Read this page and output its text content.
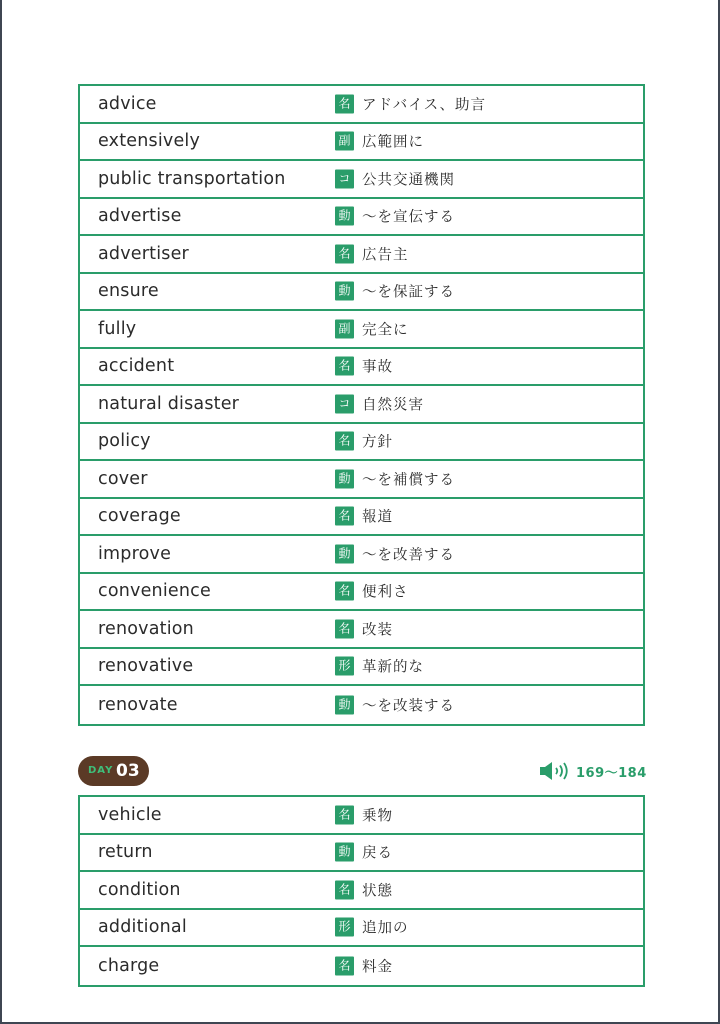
advice	名 アドバイス、助言
extensively	副 広範囲に
public transportation	コ 公共交通機関
advertise	動 ～を宣伝する
advertiser	名 広告主
ensure	動 ～を保証する
fully	副 完全に
accident	名 事故
natural disaster	コ 自然災害
policy	名 方針
cover	動 ～を補償する
coverage	名 報道
improve	動 ～を改善する
convenience	名 便利さ
renovation	名 改装
renovative	形 革新的な
renovate	動 ～を改装する
DAY 03	169～184
vehicle	名 乗物
return	動 戻る
condition	名 状態
additional	形 追加の
charge	名 料金
